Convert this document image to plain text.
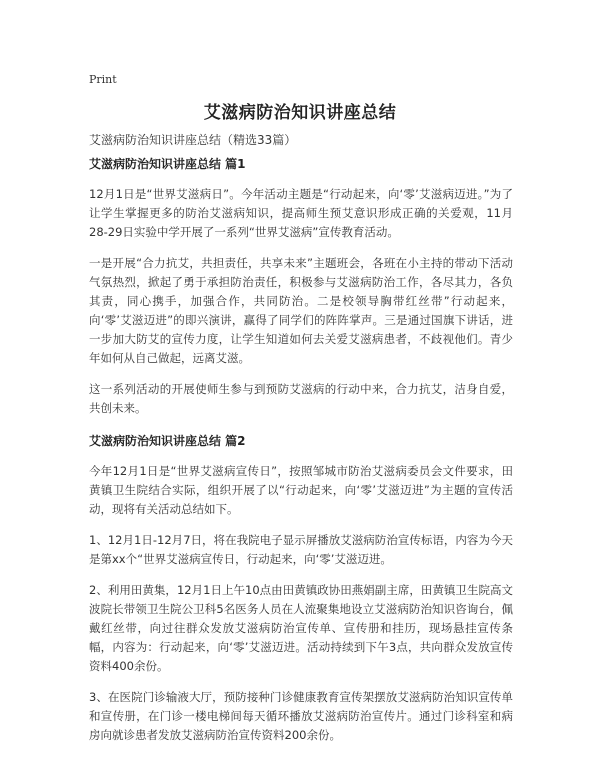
Print
艾滋病防治知识讲座总结
艾滋病防治知识讲座总结（精选33篇）
艾滋病防治知识讲座总结 篇1

12月1日是“世界艾滋病日”。今年活动主题是“行动起来，向‘零’艾滋病迈进。”为了让学生掌握更多的防治艾滋病知识，提高师生预艾意识形成正确的关爱观，11月28-29日实验中学开展了一系列“世界艾滋病”宣传教育活动。

一是开展“合力抗艾，共担责任，共享未来”主题班会，各班在小主持的带动下活动气氛热烈，掀起了勇于承担防治责任，积极参与艾滋病防治工作，各尽其力，各负其责，同心携手，加强合作，共同防治。二是校领导胸带红丝带”行动起来，向‘零’艾滋迈进”的即兴演讲，赢得了同学们的阵阵掌声。三是通过国旗下讲话，进一步加大防艾的宣传力度，让学生知道如何去关爱艾滋病患者，不歧视他们。青少年如何从自己做起，远离艾滋。

这一系列活动的开展使师生参与到预防艾滋病的行动中来，合力抗艾，洁身自爱，共创未来。

艾滋病防治知识讲座总结 篇2

今年12月1日是“世界艾滋病宣传日”，按照邹城市防治艾滋病委员会文件要求，田黄镇卫生院结合实际，组织开展了以“行动起来，向‘零’艾滋迈进”为主题的宣传活动，现将有关活动总结如下。

1、12月1日-12月7日，将在我院电子显示屏播放艾滋病防治宣传标语，内容为今天是第xx个“世界艾滋病宣传日，行动起来，向‘零’艾滋迈进。

2、利用田黄集，12月1日上午10点由田黄镇政协田燕娟副主席，田黄镇卫生院高文波院长带领卫生院公卫科5名医务人员在人流聚集地设立艾滋病防治知识咨询台，佩戴红丝带，向过往群众发放艾滋病防治宣传单、宣传册和挂历，现场悬挂宣传条幅，内容为：行动起来，向‘零’艾滋迈进。活动持续到下午3点，共向群众发放宣传资料400余份。

3、在医院门诊输液大厅，预防接种门诊健康教育宣传架摆放艾滋病防治知识宣传单和宣传册，在门诊一楼电梯间每天循环播放艾滋病防治宣传片。通过门诊科室和病房向就诊患者发放艾滋病防治宣传资料200余份。
